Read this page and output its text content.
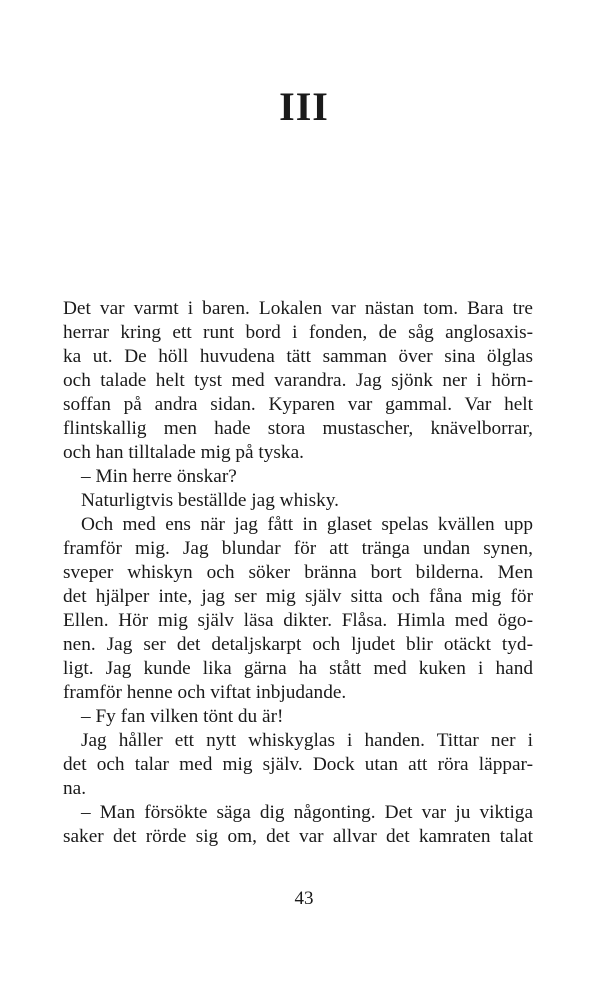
III
Det var varmt i baren. Lokalen var nästan tom. Bara tre
herrar kring ett runt bord i fonden, de såg anglosaxis-
ka ut. De höll huvudena tätt samman över sina ölglas
och talade helt tyst med varandra. Jag sjönk ner i hörn-
soffan på andra sidan. Kyparen var gammal. Var helt
flintskallig men hade stora mustascher, knävelborrar,
och han tilltalade mig på tyska.
– Min herre önskar?
Naturligtvis beställde jag whisky.
Och med ens när jag fått in glaset spelas kvällen upp
framför mig. Jag blundar för att tränga undan synen,
sveper whiskyn och söker bränna bort bilderna. Men
det hjälper inte, jag ser mig själv sitta och fåna mig för
Ellen. Hör mig själv läsa dikter. Flåsa. Himla med ögo-
nen. Jag ser det detaljskarpt och ljudet blir otäckt tyd-
ligt. Jag kunde lika gärna ha stått med kuken i hand
framför henne och viftat inbjudande.
– Fy fan vilken tönt du är!
Jag håller ett nytt whiskyglas i handen. Tittar ner i
det och talar med mig själv. Dock utan att röra läppar-
na.
– Man försökte säga dig någonting. Det var ju viktiga
saker det rörde sig om, det var allvar det kamraten talat
43
